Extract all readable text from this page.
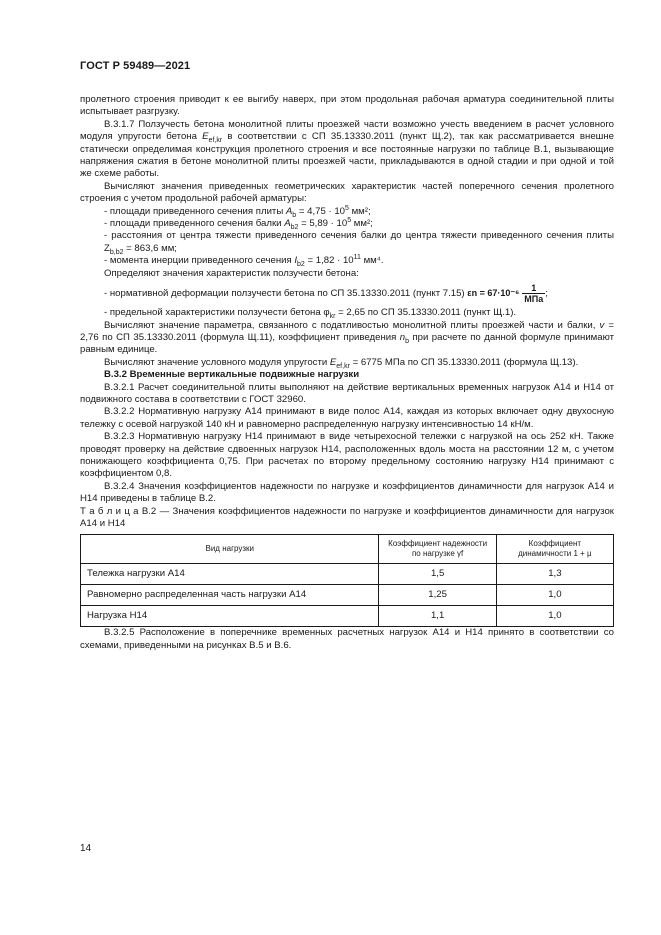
ГОСТ Р 59489—2021

пролетного строения приводит к ее выгибу наверх, при этом продольная рабочая арматура соединительной плиты испытывает разгрузку.

В.3.1.7 Ползучесть бетона монолитной плиты проезжей части возможно учесть введением в расчет условного модуля упругости бетона $E_{ef,kr}$ в соответствии с СП 35.13330.2011 (пункт Щ.2), так как рассматривается внешне статически определимая конструкция пролетного строения и все постоянные нагрузки по таблице В.1, вызывающие напряжения сжатия в бетоне монолитной плиты проезжей части, прикладываются в одной стадии и при одной и той же схеме работы.

Вычисляют значения приведенных геометрических характеристик частей поперечного сечения пролетного строения с учетом продольной рабочей арматуры:

- площади приведенного сечения плиты $A_b = 4,75 \cdot 10^5$ мм²;

- площади приведенного сечения балки $A_{b2} = 5,89 \cdot 10^5$ мм²;

- расстояния от центра тяжести приведенного сечения балки до центра тяжести приведенного сечения плиты $Z_{b,b2} = 863,6$ мм;

- момента инерции приведенного сечения $I_{b2} = 1,82 \cdot 10^{11}$ мм⁴.

Определяют значения характеристик ползучести бетона:

- нормативной деформации ползучести бетона по СП 35.13330.2011 (пункт 7.15) $\varepsilon n = 67\cdot 10^{-6} \frac{1}{\text{МПа}}$ ;

- предельной характеристики ползучести бетона $\varphi_{kr} = 2,65$ по СП 35.13330.2011 (пункт Щ.1).

Вычисляют значение параметра, связанного с податливостью монолитной плиты проезжей части и балки, v = 2,76 по СП 35.13330.2011 (формула Щ.11), коэффициент приведения $n_b$ при расчете по данной формуле принимают равным единице.

Вычисляют значение условного модуля упругости $E_{ef,kr} = 6775$ МПа по СП 35.13330.2011 (формула Щ.13).

В.3.2 Временные вертикальные подвижные нагрузки

В.3.2.1 Расчет соединительной плиты выполняют на действие вертикальных временных нагрузок А14 и Н14 от подвижного состава в соответствии с ГОСТ 32960.

В.3.2.2 Нормативную нагрузку А14 принимают в виде полос А14, каждая из которых включает одну двухосную тележку с осевой нагрузкой 140 кН и равномерно распределенную нагрузку интенсивностью 14 кН/м.

В.3.2.3 Нормативную нагрузку Н14 принимают в виде четырехосной тележки с нагрузкой на ось 252 кН. Также проводят проверку на действие сдвоенных нагрузок Н14, расположенных вдоль моста на расстоянии 12 м, с учетом понижающего коэффициента 0,75. При расчетах по второму предельному состоянию нагрузку Н14 принимают с коэффициентом 0,8.

В.3.2.4 Значения коэффициентов надежности по нагрузке и коэффициентов динамичности для нагрузок А14 и Н14 приведены в таблице В.2.

Т а б л и ц а В.2 — Значения коэффициентов надежности по нагрузке и коэффициентов динамичности для нагрузок А14 и Н14

Вид нагрузки	Коэффициент надежности по нагрузке γf	Коэффициент динамичности 1 + μ
Тележка нагрузки А14	1,5	1,3
Равномерно распределенная часть нагрузки А14	1,25	1,0
Нагрузка Н14	1,1	1,0

В.3.2.5 Расположение в поперечнике временных расчетных нагрузок А14 и Н14 принято в соответствии со схемами, приведенными на рисунках В.5 и В.6.

14
